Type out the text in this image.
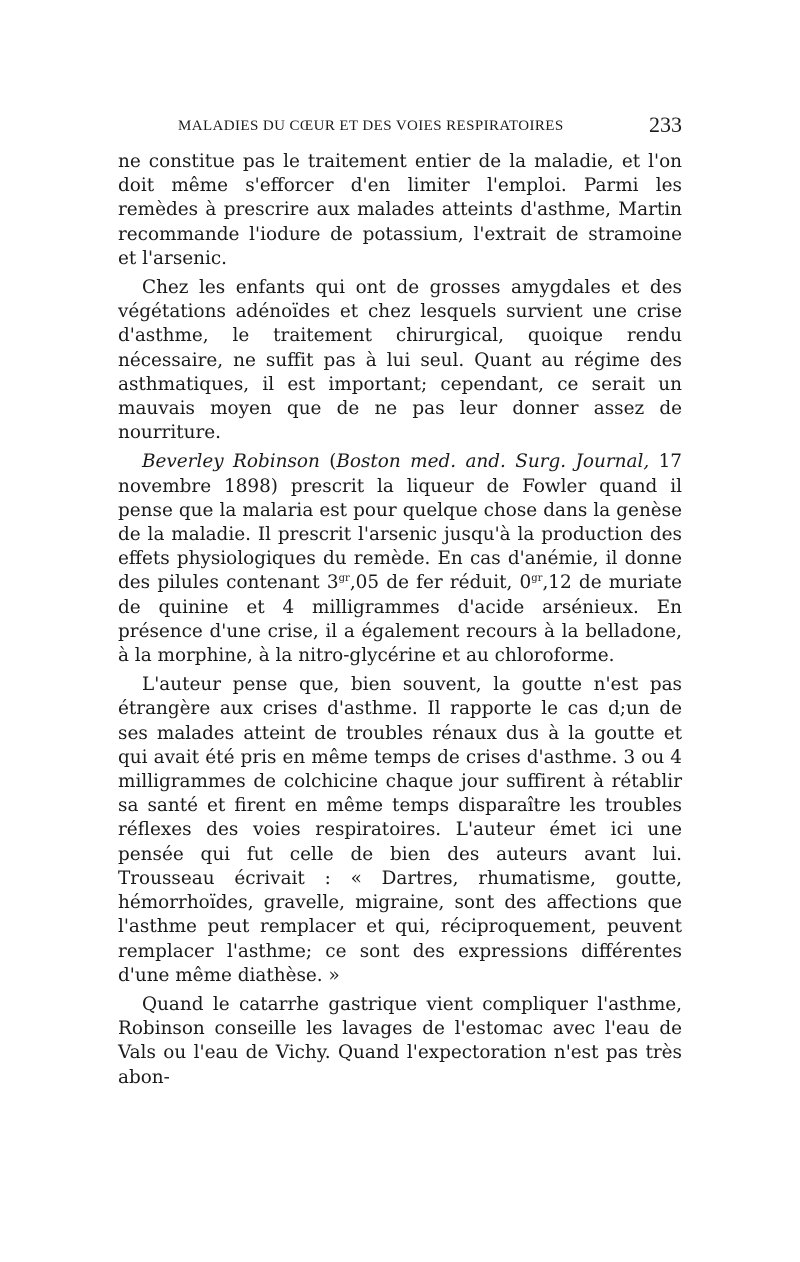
MALADIES DU CŒUR ET DES VOIES RESPIRATOIRES	233

ne constitue pas le traitement entier de la maladie, et l'on doit même s'efforcer d'en limiter l'emploi. Parmi les remèdes à prescrire aux malades atteints d'asthme, Martin recommande l'iodure de potassium, l'extrait de stramoine et l'arsenic.

Chez les enfants qui ont de grosses amygdales et des végétations adénoïdes et chez lesquels survient une crise d'asthme, le traitement chirurgical, quoique rendu nécessaire, ne suffit pas à lui seul. Quant au régime des asthmatiques, il est important; cependant, ce serait un mauvais moyen que de ne pas leur donner assez de nourriture.

Beverley Robinson (Boston med. and. Surg. Journal, 17 novembre 1898) prescrit la liqueur de Fowler quand il pense que la malaria est pour quelque chose dans la genèse de la maladie. Il prescrit l'arsenic jusqu'à la production des effets physiologiques du remède. En cas d'anémie, il donne des pilules contenant $3^{gr},05$ de fer réduit, $0^{gr},12$ de muriate de quinine et 4 milligrammes d'acide arsénieux. En présence d'une crise, il a également recours à la belladone, à la morphine, à la nitro-glycérine et au chloroforme.

L'auteur pense que, bien souvent, la goutte n'est pas étrangère aux crises d'asthme. Il rapporte le cas d;un de ses malades atteint de troubles rénaux dus à la goutte et qui avait été pris en même temps de crises d'asthme. 3 ou 4 milligrammes de colchicine chaque jour suffirent à rétablir sa santé et firent en même temps disparaître les troubles réflexes des voies respiratoires. L'auteur émet ici une pensée qui fut celle de bien des auteurs avant lui. Trousseau écrivait : « Dartres, rhumatisme, goutte, hémorrhoïdes, gravelle, migraine, sont des affections que l'asthme peut remplacer et qui, réciproquement, peuvent remplacer l'asthme; ce sont des expressions différentes d'une même diathèse. »

Quand le catarrhe gastrique vient compliquer l'asthme, Robinson conseille les lavages de l'estomac avec l'eau de Vals ou l'eau de Vichy. Quand l'expectoration n'est pas très abon-
